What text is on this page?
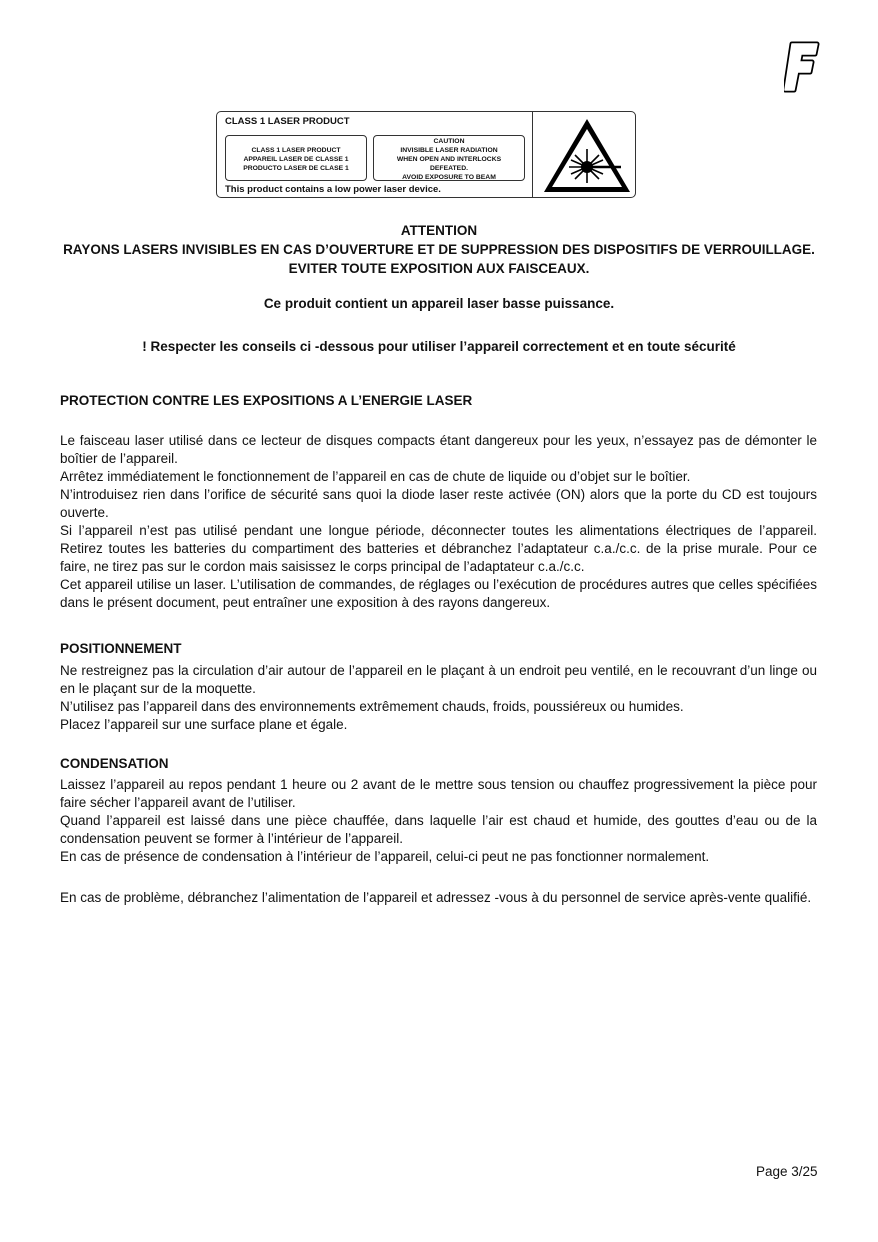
CLASS 1 LASER PRODUCT
CLASS 1 LASER PRODUCT
APPAREIL LASER DE CLASSE 1
PRODUCTO LASER DE CLASE 1
CAUTION
INVISIBLE LASER RADIATION
WHEN OPEN AND INTERLOCKS
DEFEATED.
AVOID EXPOSURE TO BEAM
This product contains a low power laser device.
ATTENTION
RAYONS LASERS INVISIBLES EN CAS D’OUVERTURE ET DE SUPPRESSION DES DISPOSITIFS DE VERROUILLAGE.
EVITER TOUTE EXPOSITION AUX FAISCEAUX.
Ce produit contient un appareil laser basse puissance.
! Respecter les conseils ci -dessous pour utiliser l’appareil correctement et en toute sécurité
PROTECTION CONTRE LES EXPOSITIONS A L’ENERGIE LASER

Le faisceau laser utilisé dans ce lecteur de disques compacts étant dangereux pour les yeux, n’essayez pas de démonter le boîtier de l’appareil.

Arrêtez immédiatement le fonctionnement de l’appareil en cas de chute de liquide ou d’objet sur le boîtier.

N’introduisez rien dans l’orifice de sécurité sans quoi la diode laser reste activée (ON) alors que la porte du CD est toujours ouverte.

Si l’appareil n’est pas utilisé pendant une longue période, déconnecter toutes les alimentations électriques de l’appareil. Retirez toutes les batteries du compartiment des batteries et débranchez l’adaptateur c.a./c.c. de la prise murale. Pour ce faire, ne tirez pas sur le cordon mais saisissez le corps principal de l’adaptateur c.a./c.c.

Cet appareil utilise un laser. L’utilisation de commandes, de réglages ou l’exécution de procédures autres que celles spécifiées dans le présent document, peut entraîner une exposition à des rayons dangereux.

POSITIONNEMENT

Ne restreignez pas la circulation d’air autour de l’appareil en le plaçant à un endroit peu ventilé, en le recouvrant d’un linge ou en le plaçant sur de la moquette.

N’utilisez pas l’appareil dans des environnements extrêmement chauds, froids, poussiéreux ou humides.

Placez l’appareil sur une surface plane et égale.

CONDENSATION

Laissez l’appareil au repos pendant 1 heure ou 2 avant de le mettre sous tension ou chauffez progressivement la pièce pour faire sécher l’appareil avant de l’utiliser.

Quand l’appareil est laissé dans une pièce chauffée, dans laquelle l’air est chaud et humide, des gouttes d’eau ou de la condensation peuvent se former à l’intérieur de l’appareil.

En cas de présence de condensation à l’intérieur de l’appareil, celui-ci peut ne pas fonctionner normalement.

En cas de problème, débranchez l’alimentation de l’appareil et adressez -vous à du personnel de service après-vente qualifié.
Page 3/25
